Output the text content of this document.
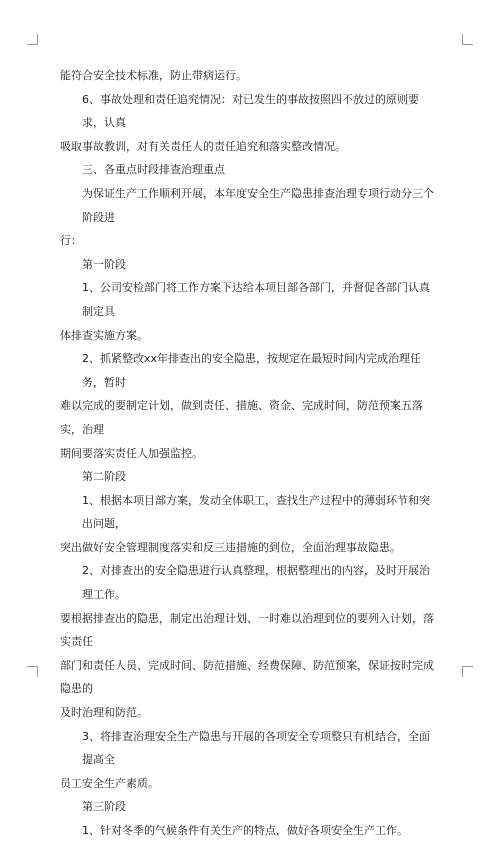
能符合安全技术标准，防止带病运行。

6、事故处理和责任追究情况：对已发生的事故按照四不放过的原则要求，认真

吸取事故教训，对有关责任人的责任追究和落实整改情况。

三、各重点时段排查治理重点

为保证生产工作顺利开展，本年度安全生产隐患排查治理专项行动分三个阶段进

行：

第一阶段

1、公司安检部门将工作方案下达给本项目部各部门，并督促各部门认真制定具

体排查实施方案。

2、抓紧整改xx年排查出的安全隐患，按规定在最短时间内完成治理任务，暂时

难以完成的要制定计划，做到责任、措施、资金、完成时间，防范预案五落实，治理

期间要落实责任人加强监控。

第二阶段

1、根据本项目部方案，发动全体职工，查找生产过程中的薄弱环节和突出问题，

突出做好安全管理制度落实和反三违措施的到位，全面治理事故隐患。

2、对排查出的安全隐患进行认真整理，根据整理出的内容，及时开展治理工作。

要根据排查出的隐患，制定出治理计划、一时难以治理到位的要列入计划，落实责任

部门和责任人员、完成时间、防范措施、经费保障、防范预案，保证按时完成隐患的

及时治理和防范。

3、将排查治理安全生产隐患与开展的各项安全专项整只有机结合，全面提高全

员工安全生产素质。

第三阶段

1、针对冬季的气候条件有关生产的特点，做好各项安全生产工作。
